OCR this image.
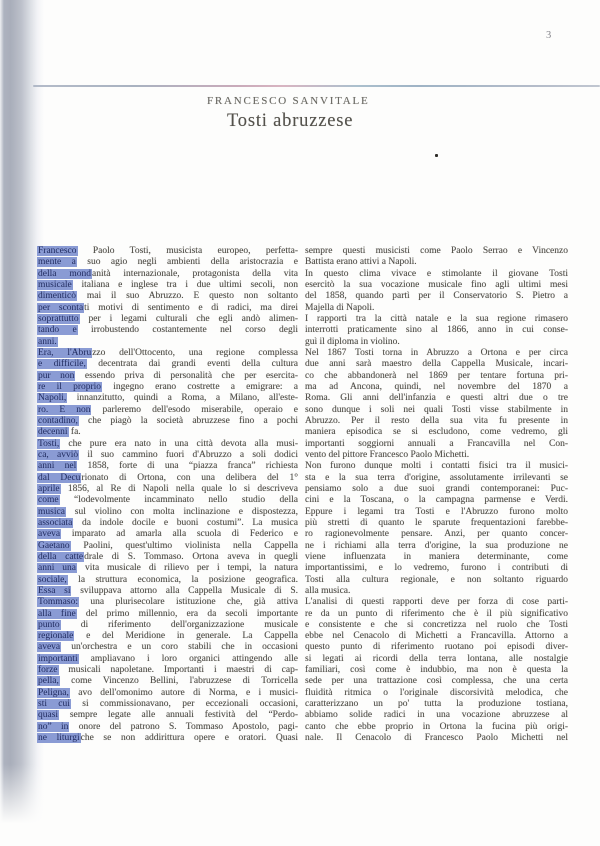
3
FRANCESCO SANVITALE
Tosti abruzzese
Francesco Paolo Tosti, musicista europeo, perfetta-
mente a suo agio negli ambienti della aristocrazia e
della mondanità internazionale, protagonista della vita
musicale italiana e inglese tra i due ultimi secoli, non
dimenticò mai il suo Abruzzo. E questo non soltanto
per scontati motivi di sentimento e di radici, ma direi
soprattutto per i legami culturali che egli andò alimen-
tando e irrobustendo costantemente nel corso degli
anni.
Era, l'Abruzzo dell'Ottocento, una regione complessa
e difficile, decentrata dai grandi eventi della cultura
pur non essendo priva di personalità che per esercita-
re il proprio ingegno erano costrette a emigrare: a
Napoli, innanzitutto, quindi a Roma, a Milano, all'este-
ro. E non parleremo dell'esodo miserabile, operaio e
contadino, che piagò la società abruzzese fino a pochi
decenni fa.
Tosti, che pure era nato in una città devota alla musi-
ca, avviò il suo cammino fuori d'Abruzzo a soli dodici
anni nel 1858, forte di una “piazza franca” richiesta
dal Decurionato di Ortona, con una delibera del 1°
aprile 1856, al Re di Napoli nella quale lo si descriveva
come “lodevolmente incamminato nello studio della
musica sul violino con molta inclinazione e dispostezza,
associata da indole docile e buoni costumi”. La musica
aveva imparato ad amarla alla scuola di Federico e
Gaetano Paolini, quest'ultimo violinista nella Cappella
della cattedrale di S. Tommaso. Ortona aveva in quegli
anni una vita musicale di rilievo per i tempi, la natura
sociale, la struttura economica, la posizione geografica.
Essa si sviluppava attorno alla Cappella Musicale di S.
Tommaso: una plurisecolare istituzione che, già attiva
alla fine del primo millennio, era da secoli importante
punto di riferimento dell'organizzazione musicale
regionale e del Meridione in generale. La Cappella
aveva un'orchestra e un coro stabili che in occasioni
importanti ampliavano i loro organici attingendo alle
forze musicali napoletane. Importanti i maestri di cap-
pella, come Vincenzo Bellini, l'abruzzese di Torricella
Peligna, avo dell'omonimo autore di Norma, e i musici-
sti cui si commissionavano, per eccezionali occasioni,
quasi sempre legate alle annuali festività del “Perdo-
no” in onore del patrono S. Tommaso Apostolo, pagi-
ne liturgiche se non addirittura opere e oratori. Quasi
sempre questi musicisti come Paolo Serrao e Vincenzo
Battista erano attivi a Napoli.
In questo clima vivace e stimolante il giovane Tosti
esercitò la sua vocazione musicale fino agli ultimi mesi
del 1858, quando partì per il Conservatorio S. Pietro a
Majella di Napoli.
I rapporti tra la città natale e la sua regione rimasero
interrotti praticamente sino al 1866, anno in cui conse-
guì il diploma in violino.
Nel 1867 Tosti torna in Abruzzo a Ortona e per circa
due anni sarà maestro della Cappella Musicale, incari-
co che abbandonerà nel 1869 per tentare fortuna pri-
ma ad Ancona, quindi, nel novembre del 1870 a
Roma. Gli anni dell'infanzia e questi altri due o tre
sono dunque i soli nei quali Tosti visse stabilmente in
Abruzzo. Per il resto della sua vita fu presente in
maniera episodica se si escludono, come vedremo, gli
importanti soggiorni annuali a Francavilla nel Con-
vento del pittore Francesco Paolo Michetti.
Non furono dunque molti i contatti fisici tra il musici-
sta e la sua terra d'origine, assolutamente irrilevanti se
pensiamo solo a due suoi grandi contemporanei: Puc-
cini e la Toscana, o la campagna parmense e Verdi.
Eppure i legami tra Tosti e l'Abruzzo furono molto
più stretti di quanto le sparute frequentazioni farebbe-
ro ragionevolmente pensare. Anzi, per quanto concer-
ne i richiami alla terra d'origine, la sua produzione ne
viene influenzata in maniera determinante, come
importantissimi, e lo vedremo, furono i contributi di
Tosti alla cultura regionale, e non soltanto riguardo
alla musica.
L'analisi di questi rapporti deve per forza di cose parti-
re da un punto di riferimento che è il più significativo
e consistente e che si concretizza nel ruolo che Tosti
ebbe nel Cenacolo di Michetti a Francavilla. Attorno a
questo punto di riferimento ruotano poi episodi diver-
si legati ai ricordi della terra lontana, alle nostalgie
familiari, così come è indubbio, ma non è questa la
sede per una trattazione così complessa, che una certa
fluidità ritmica o l'originale discorsività melodica, che
caratterizzano un po' tutta la produzione tostiana,
abbiamo solide radici in una vocazione abruzzese al
canto che ebbe proprio in Ortona la fucina più origi-
nale. Il Cenacolo di Francesco Paolo Michetti nel
